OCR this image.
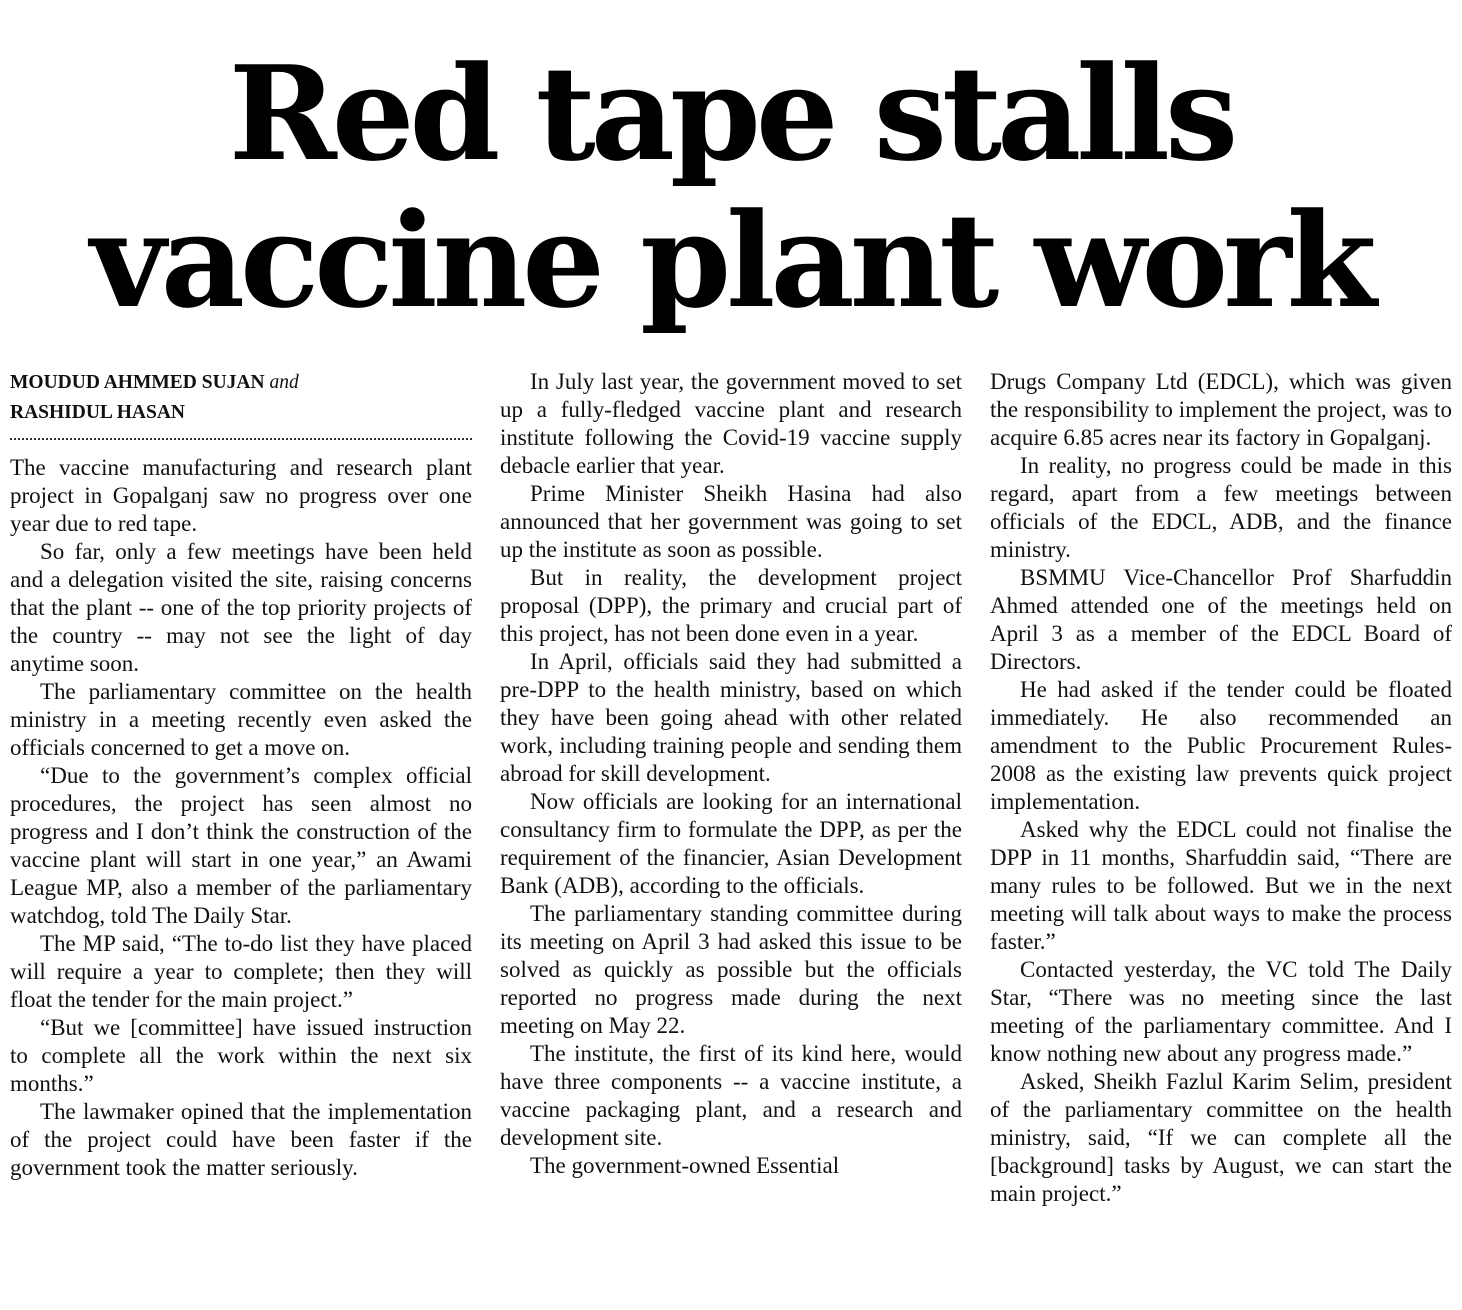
Red tape stalls
vaccine plant work
MOUDUD AHMMED SUJAN and
RASHIDUL HASAN

The vaccine manufacturing and research plant project in Gopalganj saw no progress over one year due to red tape.

So far, only a few meetings have been held and a delegation visited the site, raising concerns that the plant -- one of the top priority projects of the country -- may not see the light of day anytime soon.

The parliamentary committee on the health ministry in a meeting recently even asked the officials concerned to get a move on.

“Due to the government’s complex official procedures, the project has seen almost no progress and I don’t think the construction of the vaccine plant will start in one year,” an Awami League MP, also a member of the parliamentary watchdog, told The Daily Star.

The MP said, “The to-do list they have placed will require a year to complete; then they will float the tender for the main project.”

“But we [committee] have issued instruction to complete all the work within the next six months.”

The lawmaker opined that the implementation of the project could have been faster if the government took the matter seriously.

In July last year, the government moved to set up a fully-fledged vaccine plant and research institute following the Covid-19 vaccine supply debacle earlier that year.

Prime Minister Sheikh Hasina had also announced that her government was going to set up the institute as soon as possible.

But in reality, the development project proposal (DPP), the primary and crucial part of this project, has not been done even in a year.

In April, officials said they had submitted a pre-DPP to the health ministry, based on which they have been going ahead with other related work, including training people and sending them abroad for skill development.

Now officials are looking for an international consultancy firm to formulate the DPP, as per the requirement of the financier, Asian Development Bank (ADB), according to the officials.

The parliamentary standing committee during its meeting on April 3 had asked this issue to be solved as quickly as possible but the officials reported no progress made during the next meeting on May 22.

The institute, the first of its kind here, would have three components -- a vaccine institute, a vaccine packaging plant, and a research and development site.

The government-owned Essential

Drugs Company Ltd (EDCL), which was given the responsibility to implement the project, was to acquire 6.85 acres near its factory in Gopalganj.

In reality, no progress could be made in this regard, apart from a few meetings between officials of the EDCL, ADB, and the finance ministry.

BSMMU Vice-Chancellor Prof Sharfuddin Ahmed attended one of the meetings held on April 3 as a member of the EDCL Board of Directors.

He had asked if the tender could be floated immediately. He also recommended an amendment to the Public Procurement Rules-2008 as the existing law prevents quick project implementation.

Asked why the EDCL could not finalise the DPP in 11 months, Sharfuddin said, “There are many rules to be followed. But we in the next meeting will talk about ways to make the process faster.”

Contacted yesterday, the VC told The Daily Star, “There was no meeting since the last meeting of the parliamentary committee. And I know nothing new about any progress made.”

Asked, Sheikh Fazlul Karim Selim, president of the parliamentary committee on the health ministry, said, “If we can complete all the [background] tasks by August, we can start the main project.”
